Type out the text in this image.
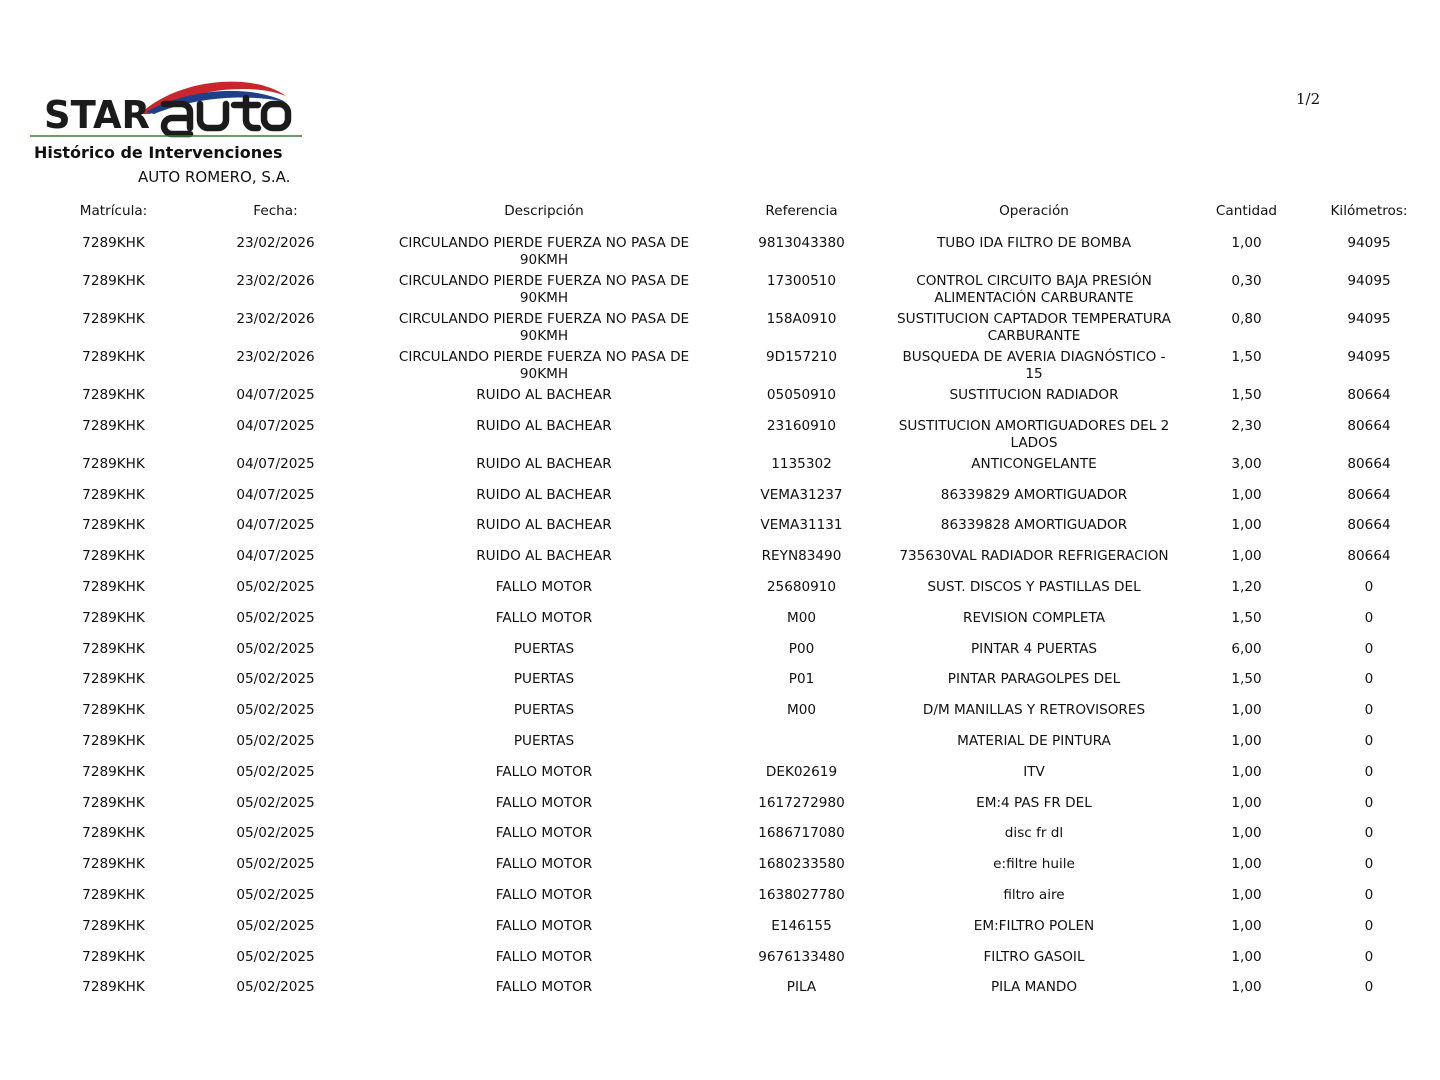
STAR
Histórico de Intervenciones
AUTO ROMERO, S.A.
1/2
Matrícula:	Fecha:	Descripción	Referencia	Operación	Cantidad	Kilómetros:
7289KHK	23/02/2026	CIRCULANDO PIERDE FUERZA NO PASA DE 90KMH	9813043380	TUBO IDA FILTRO DE BOMBA	1,00	94095
7289KHK	23/02/2026	CIRCULANDO PIERDE FUERZA NO PASA DE 90KMH	17300510	CONTROL CIRCUITO BAJA PRESIÓN ALIMENTACIÓN CARBURANTE	0,30	94095
7289KHK	23/02/2026	CIRCULANDO PIERDE FUERZA NO PASA DE 90KMH	158A0910	SUSTITUCION CAPTADOR TEMPERATURA CARBURANTE	0,80	94095
7289KHK	23/02/2026	CIRCULANDO PIERDE FUERZA NO PASA DE 90KMH	9D157210	BUSQUEDA DE AVERIA DIAGNÓSTICO - 15	1,50	94095
7289KHK	04/07/2025	RUIDO AL BACHEAR	05050910	SUSTITUCION RADIADOR	1,50	80664
7289KHK	04/07/2025	RUIDO AL BACHEAR	23160910	SUSTITUCION AMORTIGUADORES DEL 2 LADOS	2,30	80664
7289KHK	04/07/2025	RUIDO AL BACHEAR	1135302	ANTICONGELANTE	3,00	80664
7289KHK	04/07/2025	RUIDO AL BACHEAR	VEMA31237	86339829 AMORTIGUADOR	1,00	80664
7289KHK	04/07/2025	RUIDO AL BACHEAR	VEMA31131	86339828 AMORTIGUADOR	1,00	80664
7289KHK	04/07/2025	RUIDO AL BACHEAR	REYN83490	735630VAL RADIADOR REFRIGERACION	1,00	80664
7289KHK	05/02/2025	FALLO MOTOR	25680910	SUST. DISCOS Y PASTILLAS DEL	1,20	0
7289KHK	05/02/2025	FALLO MOTOR	M00	REVISION COMPLETA	1,50	0
7289KHK	05/02/2025	PUERTAS	P00	PINTAR 4 PUERTAS	6,00	0
7289KHK	05/02/2025	PUERTAS	P01	PINTAR PARAGOLPES DEL	1,50	0
7289KHK	05/02/2025	PUERTAS	M00	D/M MANILLAS Y RETROVISORES	1,00	0
7289KHK	05/02/2025	PUERTAS		MATERIAL DE PINTURA	1,00	0
7289KHK	05/02/2025	FALLO MOTOR	DEK02619	ITV	1,00	0
7289KHK	05/02/2025	FALLO MOTOR	1617272980	EM:4 PAS FR DEL	1,00	0
7289KHK	05/02/2025	FALLO MOTOR	1686717080	disc fr dl	1,00	0
7289KHK	05/02/2025	FALLO MOTOR	1680233580	e:filtre huile	1,00	0
7289KHK	05/02/2025	FALLO MOTOR	1638027780	filtro aire	1,00	0
7289KHK	05/02/2025	FALLO MOTOR	E146155	EM:FILTRO POLEN	1,00	0
7289KHK	05/02/2025	FALLO MOTOR	9676133480	FILTRO GASOIL	1,00	0
7289KHK	05/02/2025	FALLO MOTOR	PILA	PILA MANDO	1,00	0
